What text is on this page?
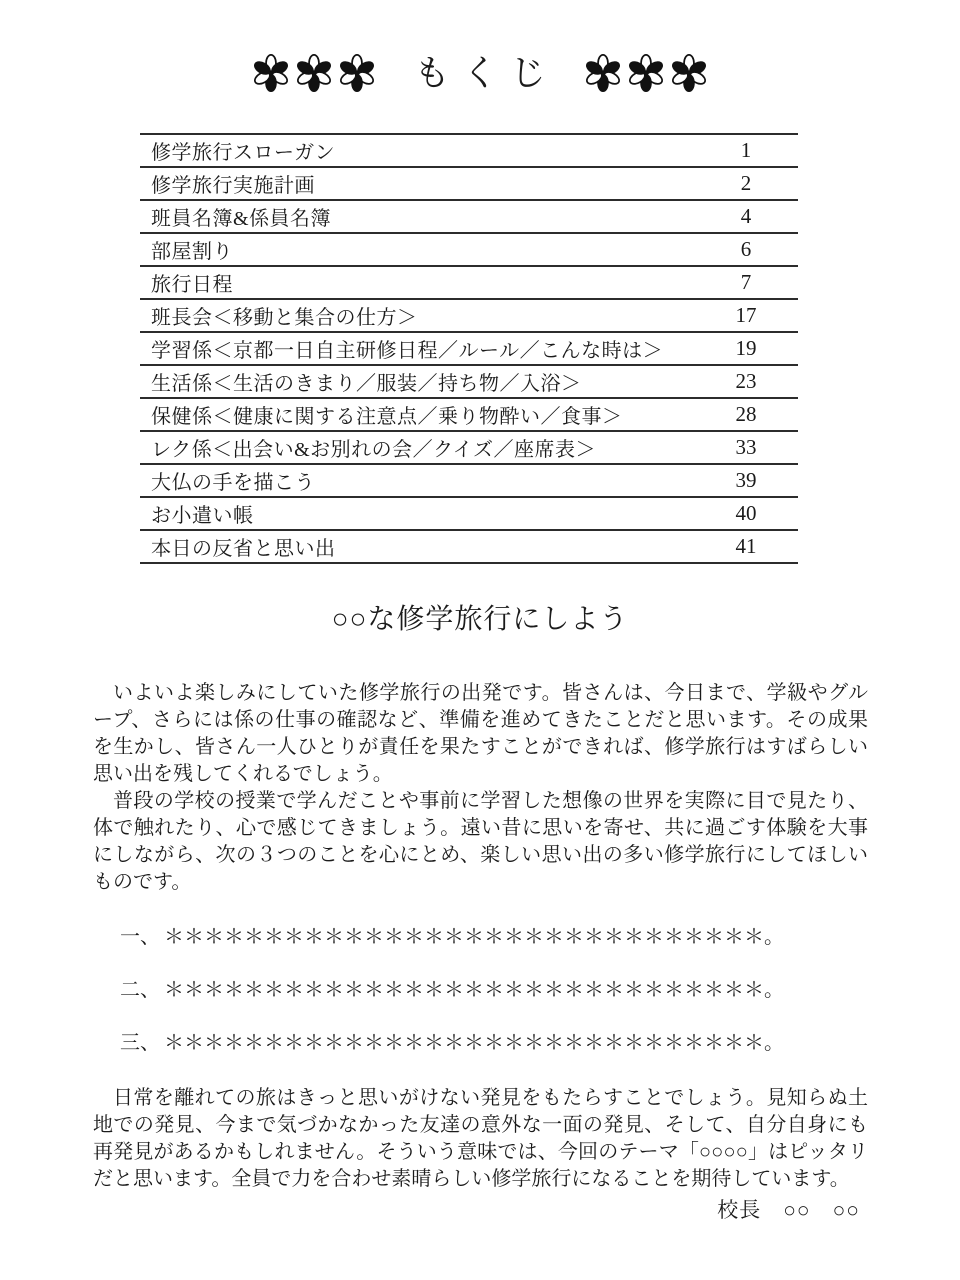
もくじ
修学旅行スローガン	1
修学旅行実施計画	2
班員名簿&係員名簿	4
部屋割り	6
旅行日程	7
班長会＜移動と集合の仕方＞	17
学習係＜京都一日自主研修日程／ルール／こんな時は＞	19
生活係＜生活のきまり／服装／持ち物／入浴＞	23
保健係＜健康に関する注意点／乗り物酔い／食事＞	28
レク係＜出会い&お別れの会／クイズ／座席表＞	33
大仏の手を描こう	39
お小遣い帳	40
本日の反省と思い出	41
○○な修学旅行にしよう

いよいよ楽しみにしていた修学旅行の出発です。皆さんは、今日まで、学級やグループ、さらには係の仕事の確認など、準備を進めてきたことだと思います。その成果を生かし、皆さん一人ひとりが責任を果たすことができれば、修学旅行はすばらしい思い出を残してくれるでしょう。

普段の学校の授業で学んだことや事前に学習した想像の世界を実際に目で見たり、体で触れたり、心で感じてきましょう。遠い昔に思いを寄せ、共に過ごす体験を大事にしながら、次の３つのことを心にとめ、楽しい思い出の多い修学旅行にしてほしいものです。

一、 ＊＊＊＊＊＊＊＊＊＊＊＊＊＊＊＊＊＊＊＊＊＊＊＊＊＊＊＊＊＊。
二、 ＊＊＊＊＊＊＊＊＊＊＊＊＊＊＊＊＊＊＊＊＊＊＊＊＊＊＊＊＊＊。
三、 ＊＊＊＊＊＊＊＊＊＊＊＊＊＊＊＊＊＊＊＊＊＊＊＊＊＊＊＊＊＊。

日常を離れての旅はきっと思いがけない発見をもたらすことでしょう。見知らぬ土地での発見、今まで気づかなかった友達の意外な一面の発見、そして、自分自身にも再発見があるかもしれません。そういう意味では、今回のテーマ「○○○○」はピッタリだと思います。全員で力を合わせ素晴らしい修学旅行になることを期待しています。

校長　○○　○○
